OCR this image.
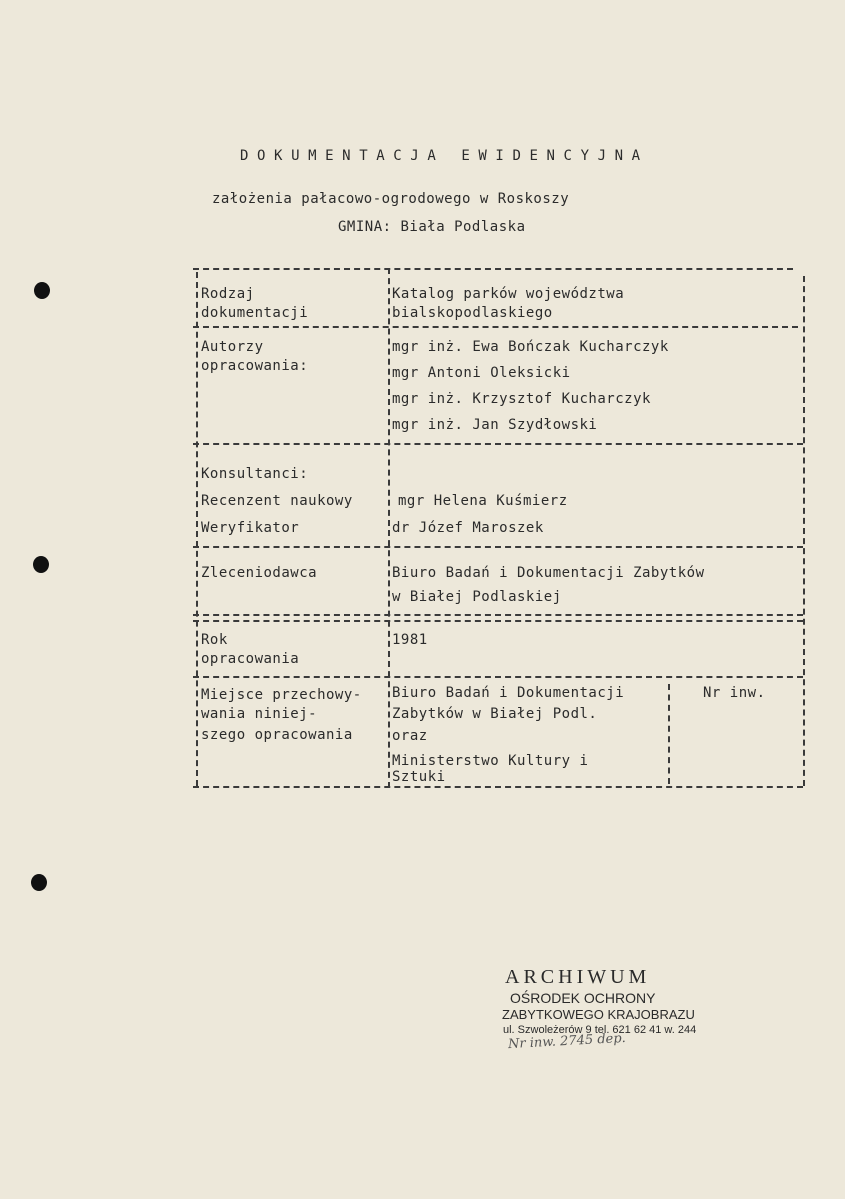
DOKUMENTACJA EWIDENCYJNA
założenia pałacowo-ogrodowego w Roskoszy
GMINA: Biała Podlaska
Rodzaj
dokumentacji
Katalog parków województwa
bialskopodlaskiego
Autorzy
opracowania:
mgr inż. Ewa Bończak Kucharczyk
mgr Antoni Oleksicki
mgr inż. Krzysztof Kucharczyk
mgr inż. Jan Szydłowski
Konsultanci:
Recenzent naukowy
Weryfikator
mgr Helena Kuśmierz
dr Józef Maroszek
Zleceniodawca	Biuro Badań i Dokumentacji Zabytków
w Białej Podlaskiej
Rok
opracowania
1981
Miejsce przechowy-
wania niniej-
szego opracowania
Biuro Badań i Dokumentacji
Zabytków w Białej Podl.
oraz
Ministerstwo Kultury i
Sztuki
Nr inw.
ARCHIWUM
OŚRODEK OCHRONY
ZABYTKOWEGO KRAJOBRAZU
ul. Szwoleżerów 9 tel. 621 62 41 w. 244
Nr inw. 2745 dep.
